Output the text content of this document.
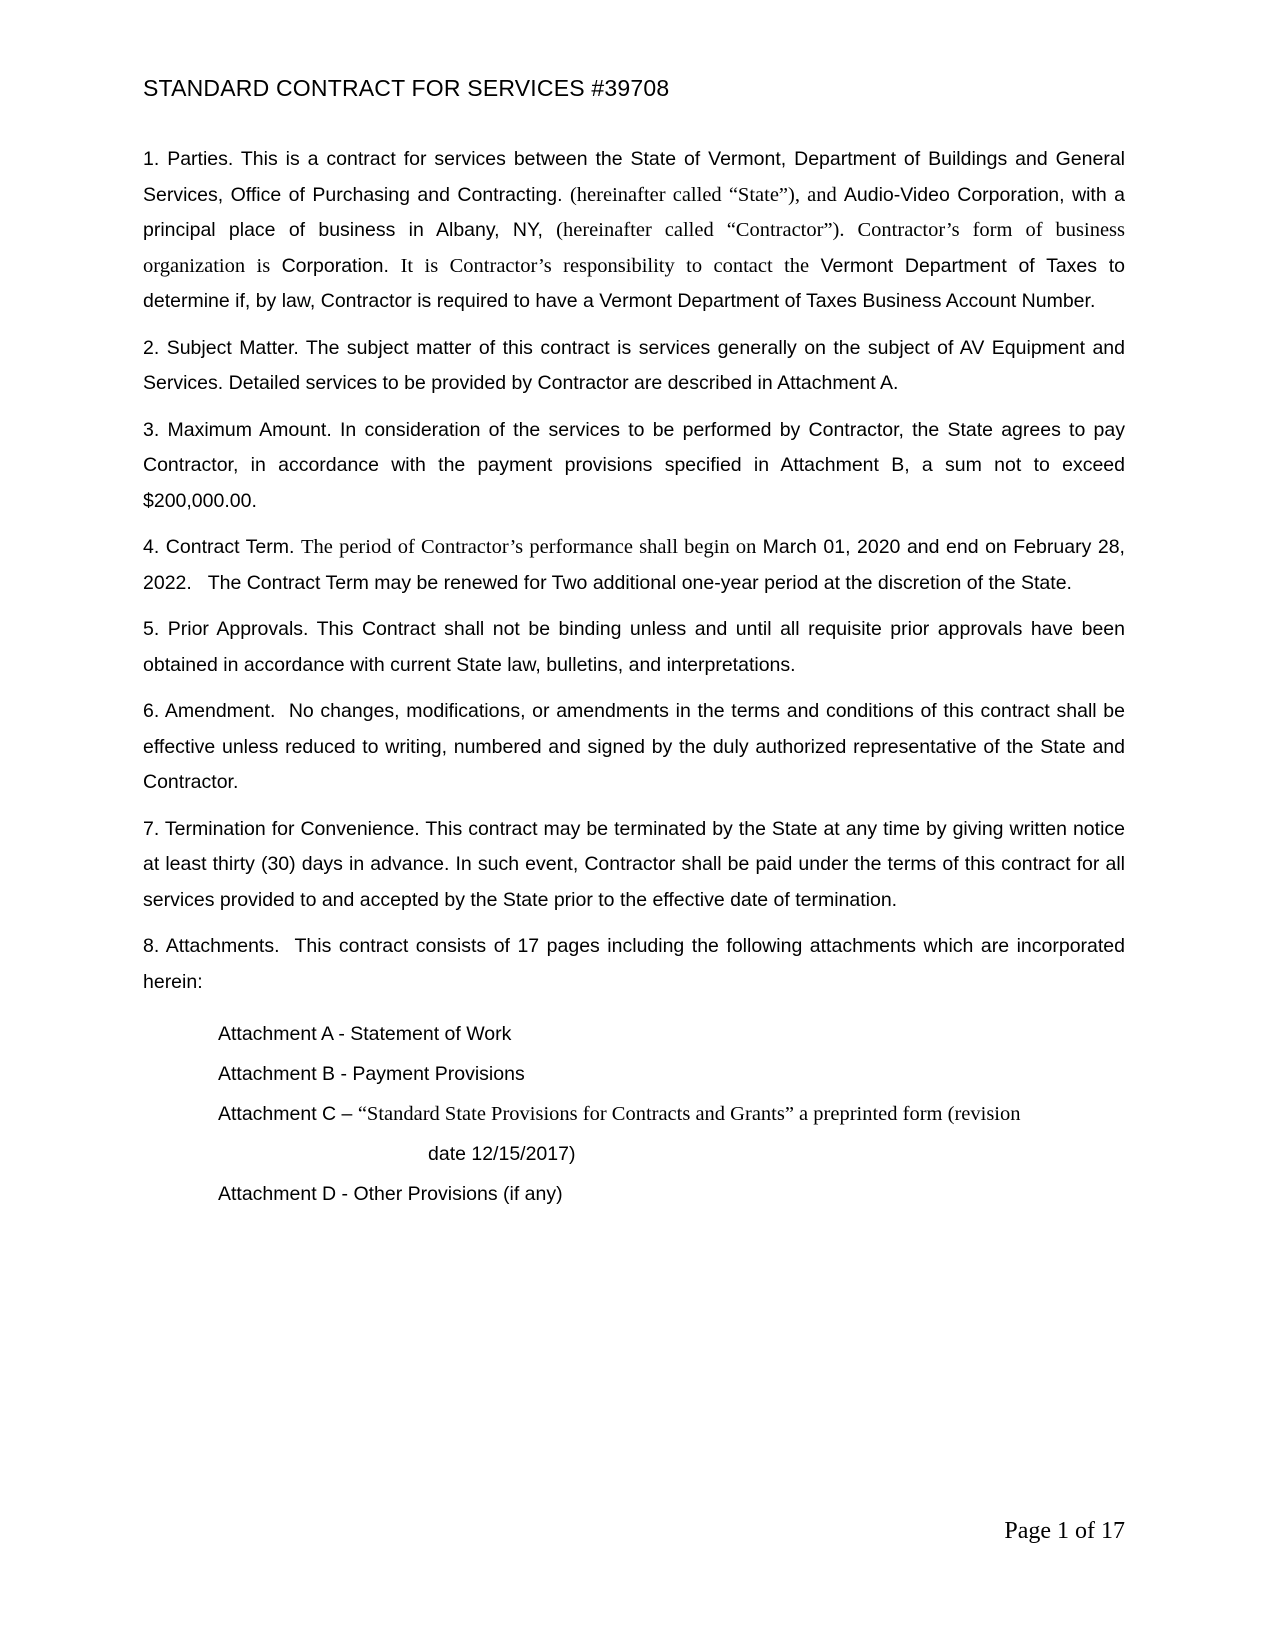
STANDARD CONTRACT FOR SERVICES #39708

1. Parties. This is a contract for services between the State of Vermont, Department of Buildings and General Services, Office of Purchasing and Contracting. (hereinafter called “State”), and Audio-Video Corporation, with a principal place of business in Albany, NY, (hereinafter called “Contractor”). Contractor’s form of business organization is Corporation. It is Contractor’s responsibility to contact the Vermont Department of Taxes to determine if, by law, Contractor is required to have a Vermont Department of Taxes Business Account Number.

2. Subject Matter. The subject matter of this contract is services generally on the subject of AV Equipment and Services. Detailed services to be provided by Contractor are described in Attachment A.

3. Maximum Amount. In consideration of the services to be performed by Contractor, the State agrees to pay Contractor, in accordance with the payment provisions specified in Attachment B, a sum not to exceed $200,000.00.

4. Contract Term. The period of Contractor’s performance shall begin on March 01, 2020 and end on February 28, 2022.   The Contract Term may be renewed for Two additional one-year period at the discretion of the State.

5. Prior Approvals. This Contract shall not be binding unless and until all requisite prior approvals have been obtained in accordance with current State law, bulletins, and interpretations.

6. Amendment.  No changes, modifications, or amendments in the terms and conditions of this contract shall be effective unless reduced to writing, numbered and signed by the duly authorized representative of the State and Contractor.

7. Termination for Convenience. This contract may be terminated by the State at any time by giving written notice at least thirty (30) days in advance. In such event, Contractor shall be paid under the terms of this contract for all services provided to and accepted by the State prior to the effective date of termination.

8. Attachments.  This contract consists of 17 pages including the following attachments which are incorporated herein:

Attachment A - Statement of Work
Attachment B - Payment Provisions
Attachment C – “Standard State Provisions for Contracts and Grants” a preprinted form (revision
date 12/15/2017)
Attachment D - Other Provisions (if any)
Page 1 of 17
